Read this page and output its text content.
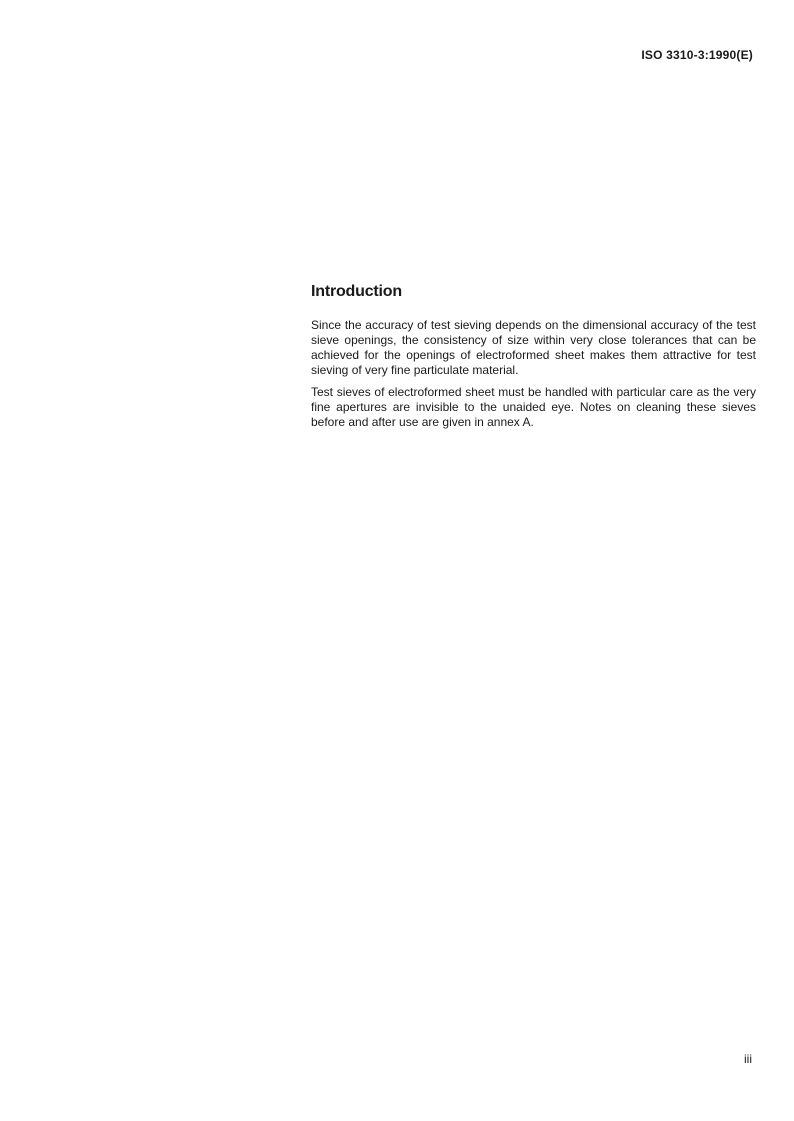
ISO 3310-3:1990(E)
Introduction

Since the accuracy of test sieving depends on the dimensional accuracy of the test sieve openings, the consistency of size within very close tolerances that can be achieved for the openings of electroformed sheet makes them attractive for test sieving of very fine particulate material.

Test sieves of electroformed sheet must be handled with particular care as the very fine apertures are invisible to the unaided eye. Notes on cleaning these sieves before and after use are given in annex A.

iii
